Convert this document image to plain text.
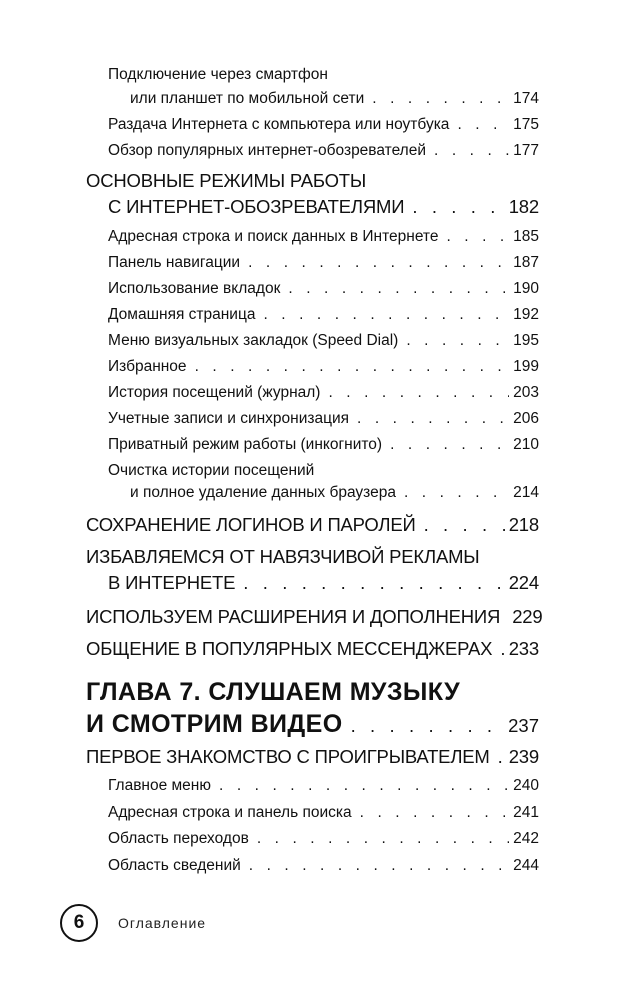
Подключение через смартфон
или планшет по мобильной сети . . .	174
Раздача Интернета с компьютера или ноутбука . . .	175
Обзор популярных интернет-обозревателей . . .	177
ОСНОВНЫЕ РЕЖИМЫ РАБОТЫ
С ИНТЕРНЕТ-ОБОЗРЕВАТЕЛЯМИ . . .	182
Адресная строка и поиск данных в Интернете . . .	185
Панель навигации . . .	187
Использование вкладок . . .	190
Домашняя страница . . .	192
Меню визуальных закладок (Speed Dial) . . .	195
Избранное . . .	199
История посещений (журнал) . . .	203
Учетные записи и синхронизация . . .	206
Приватный режим работы (инкогнито) . . .	210
Очистка истории посещений
и полное удаление данных браузера . . .	214
СОХРАНЕНИЕ ЛОГИНОВ И ПАРОЛЕЙ . . .	218
ИЗБАВЛЯЕМСЯ ОТ НАВЯЗЧИВОЙ РЕКЛАМЫ
В ИНТЕРНЕТЕ . . .	224
ИСПОЛЬЗУЕМ РАСШИРЕНИЯ И ДОПОЛНЕНИЯ 229
ОБЩЕНИЕ В ПОПУЛЯРНЫХ МЕССЕНДЖЕРАХ . . . 233
ГЛАВА 7. СЛУШАЕМ МУЗЫКУ
И СМОТРИМ ВИДЕО . . .	237
ПЕРВОЕ ЗНАКОМСТВО С ПРОИГРЫВАТЕЛЕМ . . . 239
Главное меню . . .	240
Адресная строка и панель поиска . . .	241
Область переходов . . .	242
Область сведений . . .	244
6	Оглавление
